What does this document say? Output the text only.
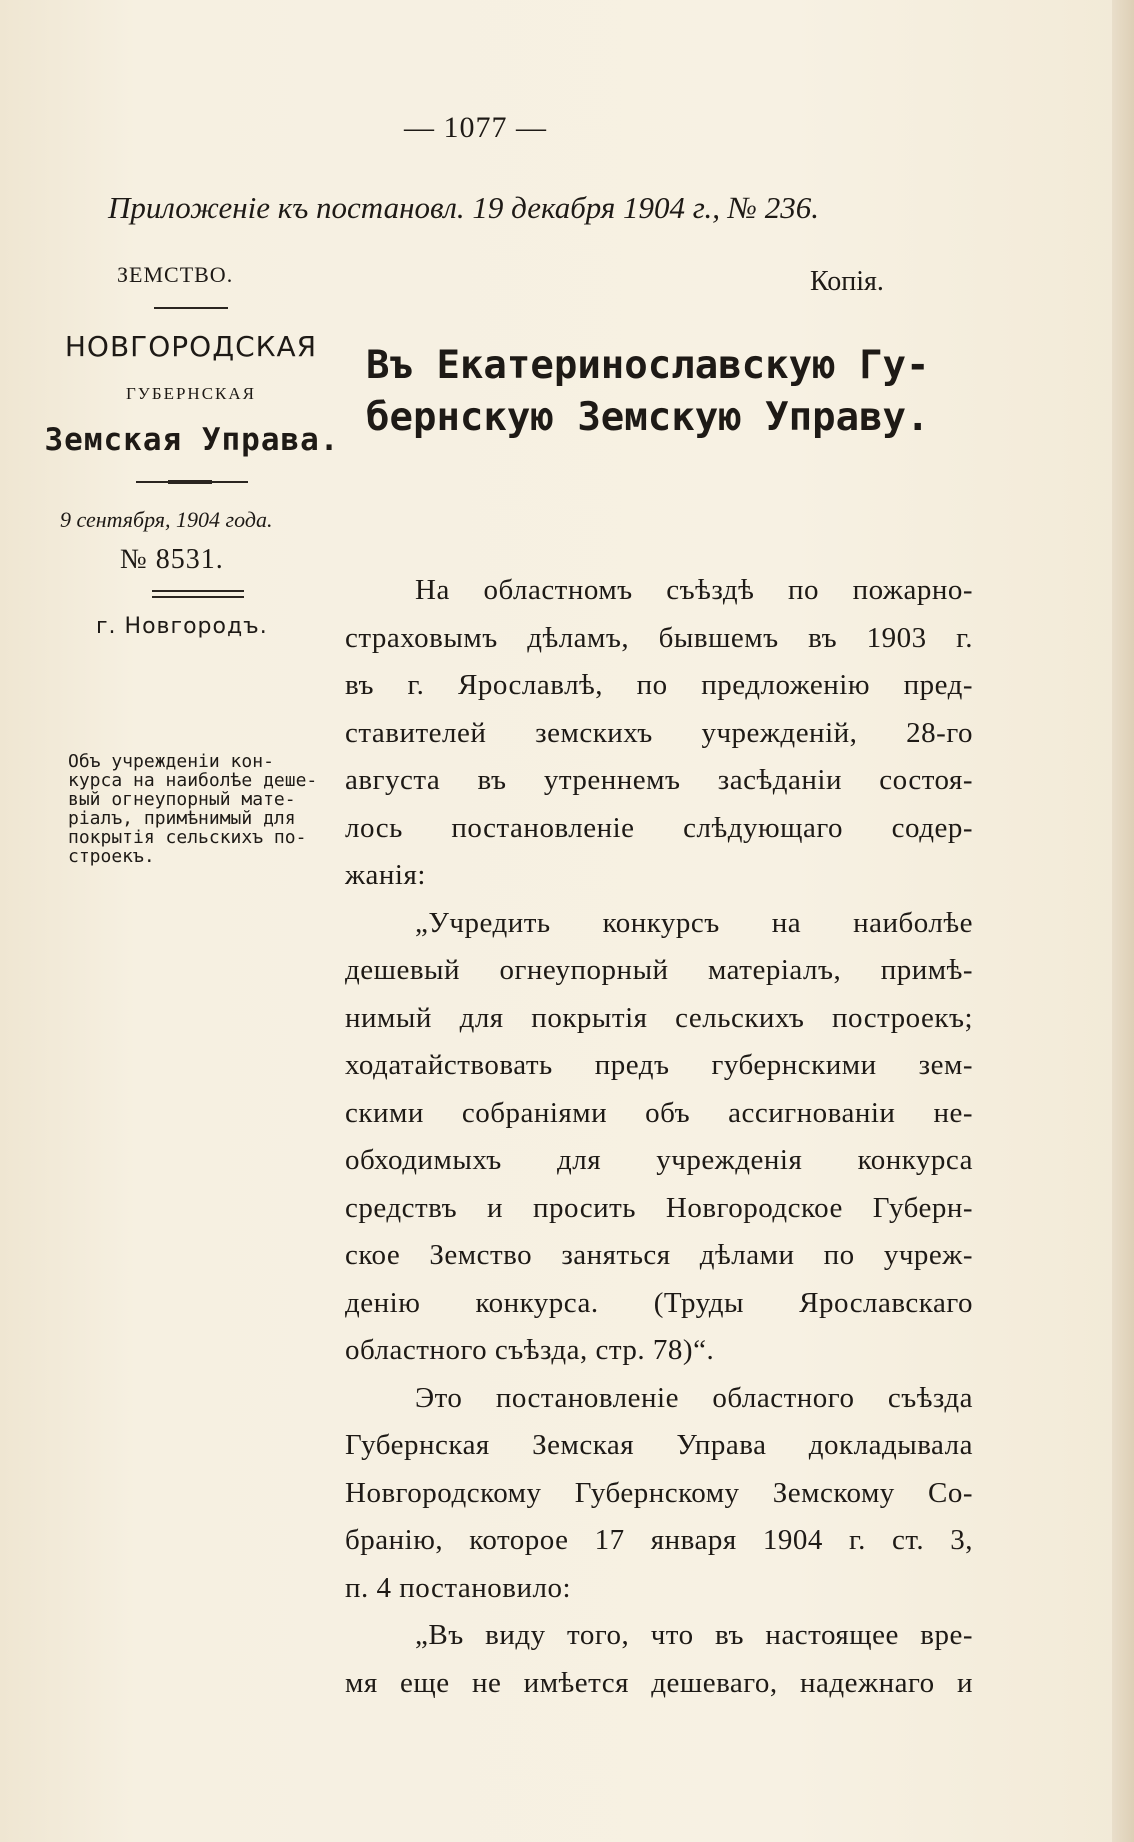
— 1077 —
Приложеніе къ постановл. 19 декабря 1904 г., № 236.
ЗЕМСТВО.	Копія.
НОВГОРОДСКАЯ
ГУБЕРНСКАЯ
Земская Управа.
9 сентября, 1904 года.
№ 8531.
г. Новгородъ.
Въ Екатеринославскую Гу-
бернскую Земскую Управу.
Объ учрежденіи кон-
курса на наиболѣе деше-
вый огнеупорный мате-
ріалъ, примѣнимый для
покрытія сельскихъ по-
строекъ.
На областномъ съѣздѣ по пожарно-
страховымъ дѣламъ, бывшемъ въ 1903 г.
въ г. Ярославлѣ, по предложенію пред-
ставителей земскихъ учрежденій, 28-го
августа въ утреннемъ засѣданіи состоя-
лось постановленіе слѣдующаго содер-
жанія:
„Учредить конкурсъ на наиболѣе
дешевый огнеупорный матеріалъ, примѣ-
нимый для покрытія сельскихъ построекъ;
ходатайствовать предъ губернскими зем-
скими собраніями объ ассигнованіи не-
обходимыхъ для учрежденія конкурса
средствъ и просить Новгородское Губерн-
ское Земство заняться дѣлами по учреж-
денію конкурса. (Труды Ярославскаго
областного съѣзда, стр. 78)“.
Это постановленіе областного съѣзда
Губернская Земская Управа докладывала
Новгородскому Губернскому Земскому Со-
бранію, которое 17 января 1904 г. ст. 3,
п. 4 постановило:
„Въ виду того, что въ настоящее вре-
мя еще не имѣется дешеваго, надежнаго и
